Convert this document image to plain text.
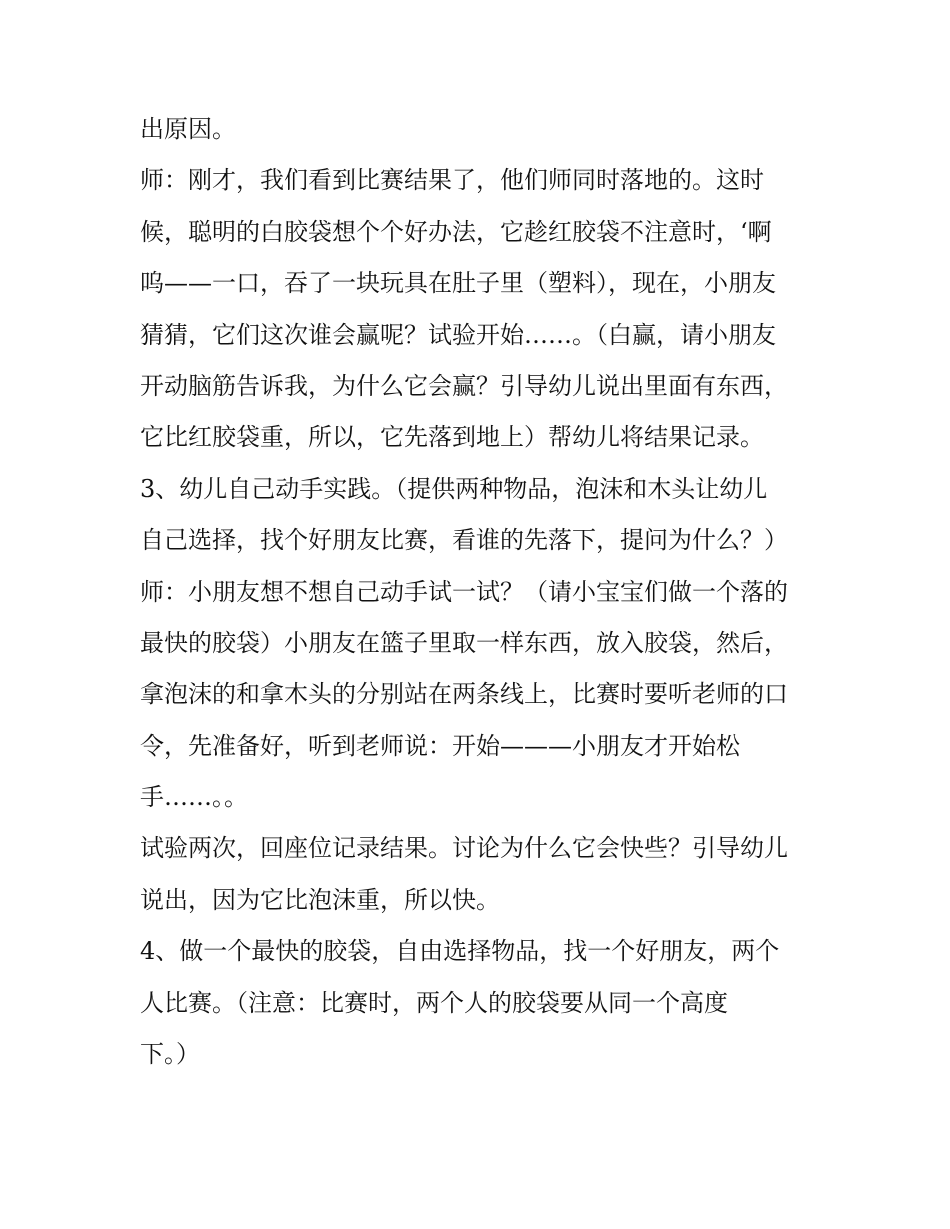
出原因。
师：刚才，我们看到比赛结果了，他们师同时落地的。这时
候，聪明的白胶袋想个个好办法，它趁红胶袋不注意时，‘啊
呜——一口，吞了一块玩具在肚子里（塑料），现在，小朋友
猜猜，它们这次谁会赢呢？试验开始……。（白赢，请小朋友
开动脑筋告诉我，为什么它会赢？引导幼儿说出里面有东西，
它比红胶袋重，所以，它先落到地上）帮幼儿将结果记录。
3、幼儿自己动手实践。（提供两种物品，泡沫和木头让幼儿
自己选择，找个好朋友比赛，看谁的先落下，提问为什么？）
师：小朋友想不想自己动手试一试？（请小宝宝们做一个落的
最快的胶袋）小朋友在篮子里取一样东西，放入胶袋，然后，
拿泡沫的和拿木头的分别站在两条线上，比赛时要听老师的口
令，先准备好，听到老师说：开始———小朋友才开始松
手……。。
试验两次，回座位记录结果。讨论为什么它会快些？引导幼儿
说出，因为它比泡沫重，所以快。
4、做一个最快的胶袋，自由选择物品，找一个好朋友，两个
人比赛。（注意：比赛时，两个人的胶袋要从同一个高度
下。）
